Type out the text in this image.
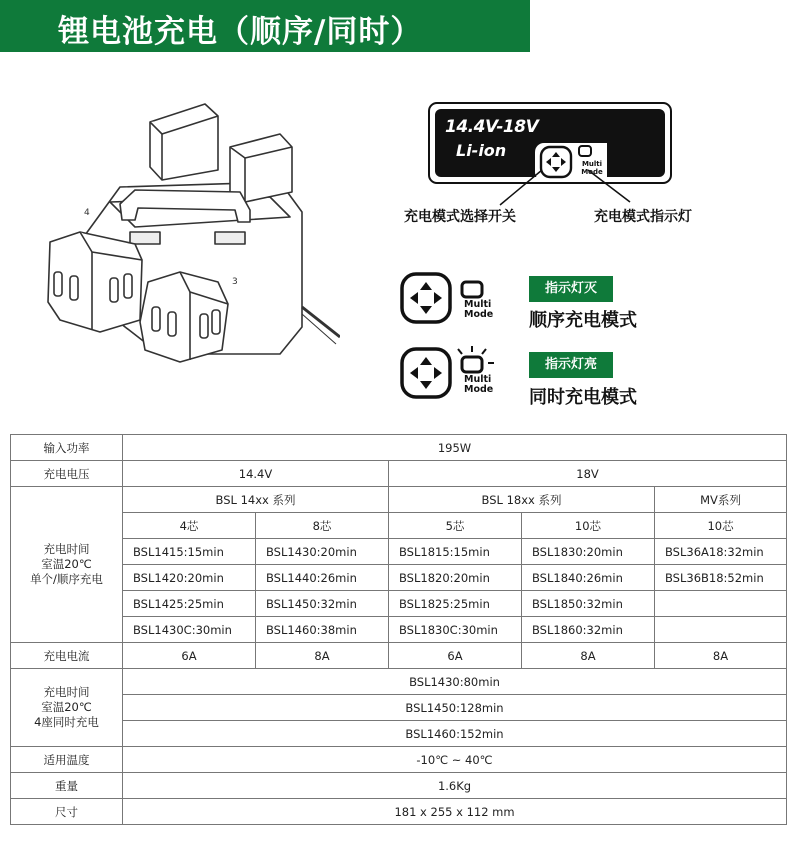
锂电池充电（顺序/同时）
4
3
14.4V-18V
Li-ion
Multi
Mode
充电模式选择开关	充电模式指示灯
Multi
Mode
指示灯灭
顺序充电模式
Multi
Mode
指示灯亮
同时充电模式
输入功率	195W				
充电电压	14.4V		18V		

充电时间
室温20℃
单个/顺序充电	BSL 14xx 系列		BSL 18xx 系列		MV系列
	4芯	8芯	5芯	10芯	10芯
	BSL1415:15min	BSL1430:20min	BSL1815:15min	BSL1830:20min	BSL36A18:32min
	BSL1420:20min	BSL1440:26min	BSL1820:20min	BSL1840:26min	BSL36B18:52min
	BSL1425:25min	BSL1450:32min	BSL1825:25min	BSL1850:32min	
	BSL1430C:30min	BSL1460:38min	BSL1830C:30min	BSL1860:32min	
充电电流	6A	8A	6A	8A	8A

充电时间
室温20℃
4座同时充电	BSL1430:80min				
	BSL1450:128min				
	BSL1460:152min				
适用温度	-10℃ ~ 40℃				
重量	1.6Kg				
尺寸	181 x 255 x 112 mm				
